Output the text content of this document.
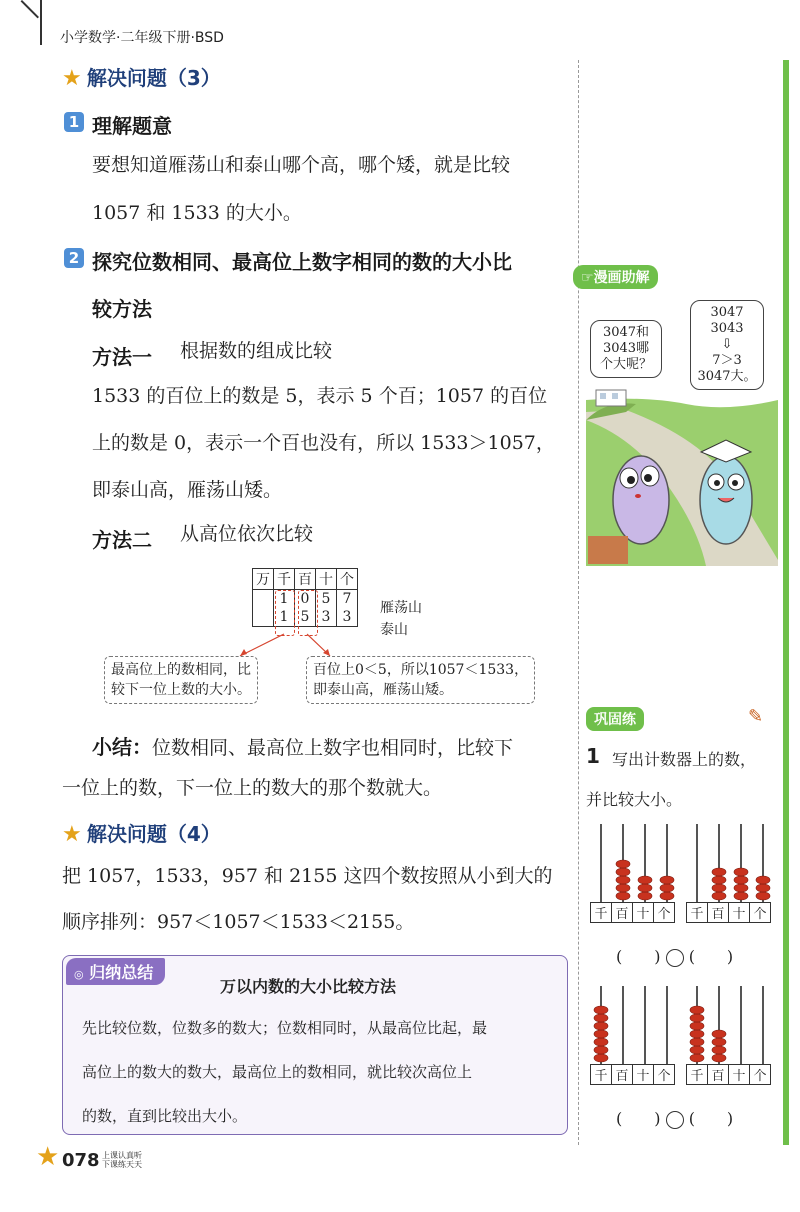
小学数学·二年级下册·BSD
★ 解决问题（3）
1 理解题意
要想知道雁荡山和泰山哪个高，哪个矮，就是比较
1057 和 1533 的大小。
2 探究位数相同、最高位上数字相同的数的大小比
较方法
方法一 根据数的组成比较
1533 的百位上的数是 5，表示 5 个百；1057 的百位
上的数是 0，表示一个百也没有，所以 1533＞1057，
即泰山高，雁荡山矮。
方法二 从高位依次比较
万	千	百	十	个
	1	0	5	7
	1	5	3	3
雁荡山
泰山
最高位上的数相同，比
较下一位上数的大小。
百位上0＜5，所以1057＜1533，
即泰山高，雁荡山矮。
小结：位数相同、最高位上数字也相同时，比较下
一位上的数，下一位上的数大的那个数就大。
★ 解决问题（4）
把 1057，1533，957 和 2155 这四个数按照从小到大的
顺序排列：957＜1057＜1533＜2155。
◎ 归纳总结
万以内数的大小比较方法
先比较位数，位数多的数大；位数相同时，从最高位比起，最
高位上的数大的数大，最高位上的数相同，就比较次高位上
的数，直到比较出大小。
☞漫画助解
3047和
3043哪
个大呢？
3047
3043
⇩
7＞3
3047大。
巩固练	✎
1 写出计数器上的数，
并比较大小。
千	百	十	个 千	百	十	个
(　　) (　　)
千	百	十	个 千	百	十	个
(　　) (　　)
★ 078 上课认真听
下课练天天
